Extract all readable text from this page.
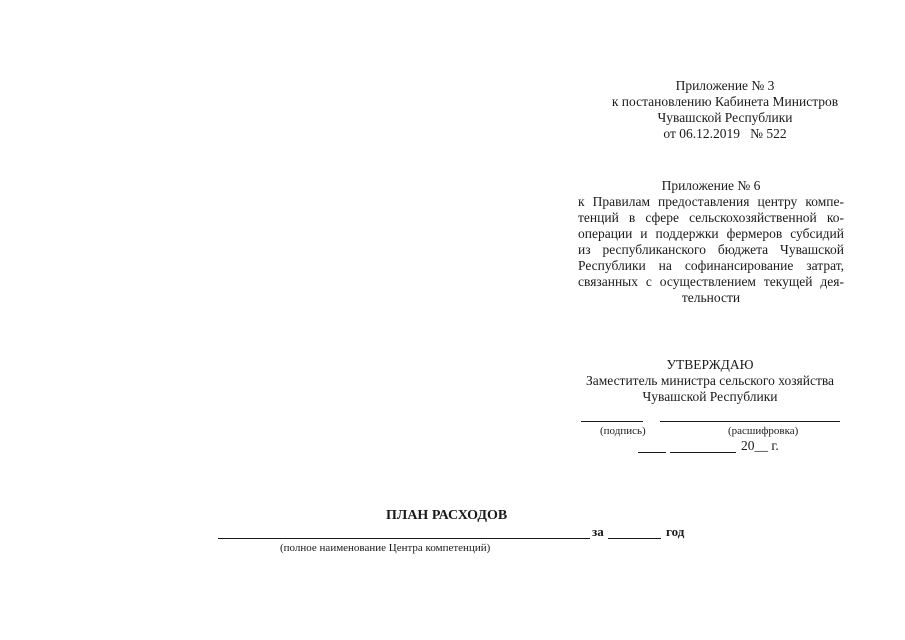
Приложение № 3
к постановлению Кабинета Министров
Чувашской Республики
от 06.12.2019   № 522
Приложение № 6
к Правилам предоставления центру компе-
тенций в сфере сельскохозяйственной ко-
операции и поддержки фермеров субсидий
из республиканского бюджета Чувашской
Республики на софинансирование затрат,
связанных с осуществлением текущей дея-
тельности
УТВЕРЖДАЮ
Заместитель министра сельского хозяйства
Чувашской Республики
(подпись)	(расшифровка)
20__ г.
ПЛАН РАСХОДОВ
за	год
(полное наименование Центра компетенций)
